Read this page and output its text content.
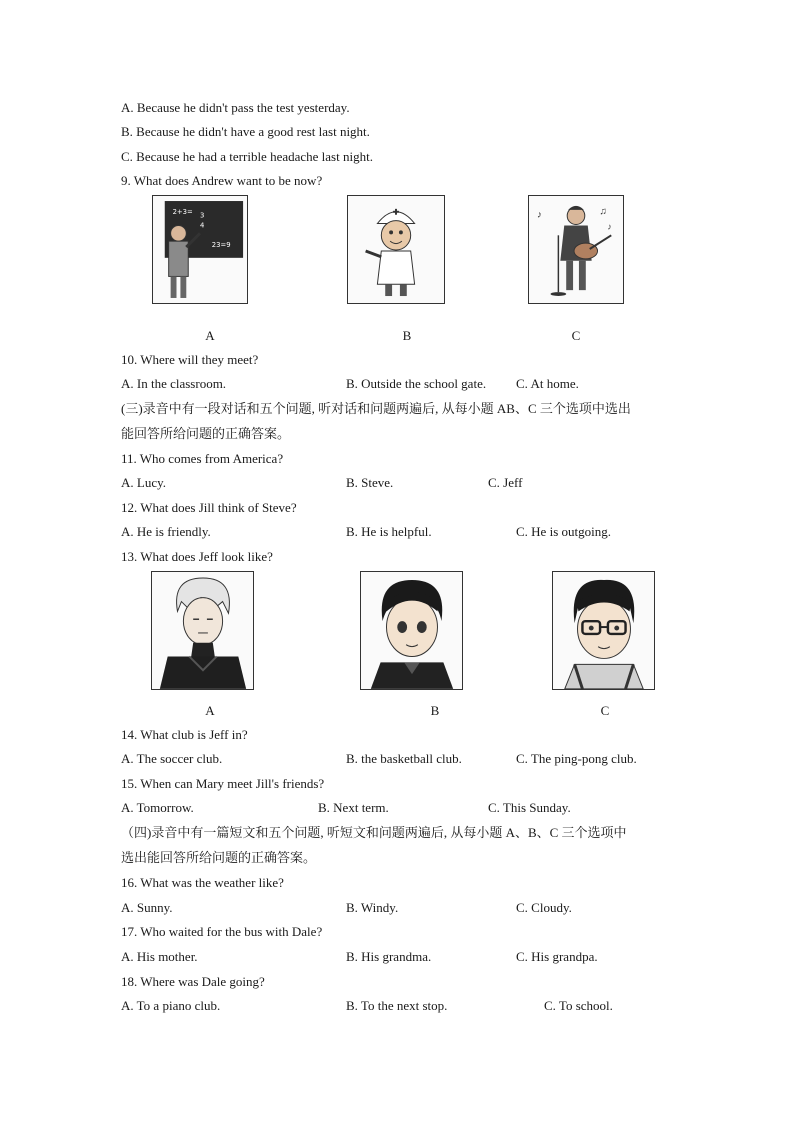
A. Because he didn't pass the test yesterday.
B. Because he didn't have a good rest last night.
C. Because he had a terrible headache last night.
9. What does Andrew want to be now?
2+3= 3
4
23=9
♪	♫
♪
A	B	C
10. Where will they meet?
A. In the classroom.	B. Outside the school gate. C. At home.
(三)录音中有一段对话和五个问题, 听对话和问题两遍后, 从每小题 AB、C 三个选项中选出
能回答所给问题的正确答案。
11. Who comes from America?
A. Lucy.	B. Steve.	C. Jeff
12. What does Jill think of Steve?
A. He is friendly.	B. He is helpful.	C. He is outgoing.
13. What does Jeff look like?
A	B	C
14. What club is Jeff in?
A. The soccer club.	B. the basketball club.	C. The ping-pong club.
15. When can Mary meet Jill's friends?
A. Tomorrow.	B. Next term.	C. This Sunday.
（四)录音中有一篇短文和五个问题, 听短文和问题两遍后, 从每小题 A、B、C 三个选项中
选出能回答所给问题的正确答案。
16. What was the weather like?
A. Sunny.	B. Windy.	C. Cloudy.
17. Who waited for the bus with Dale?
A. His mother.	B. His grandma.	C. His grandpa.
18. Where was Dale going?
A. To a piano club.	B. To the next stop.	C. To school.
